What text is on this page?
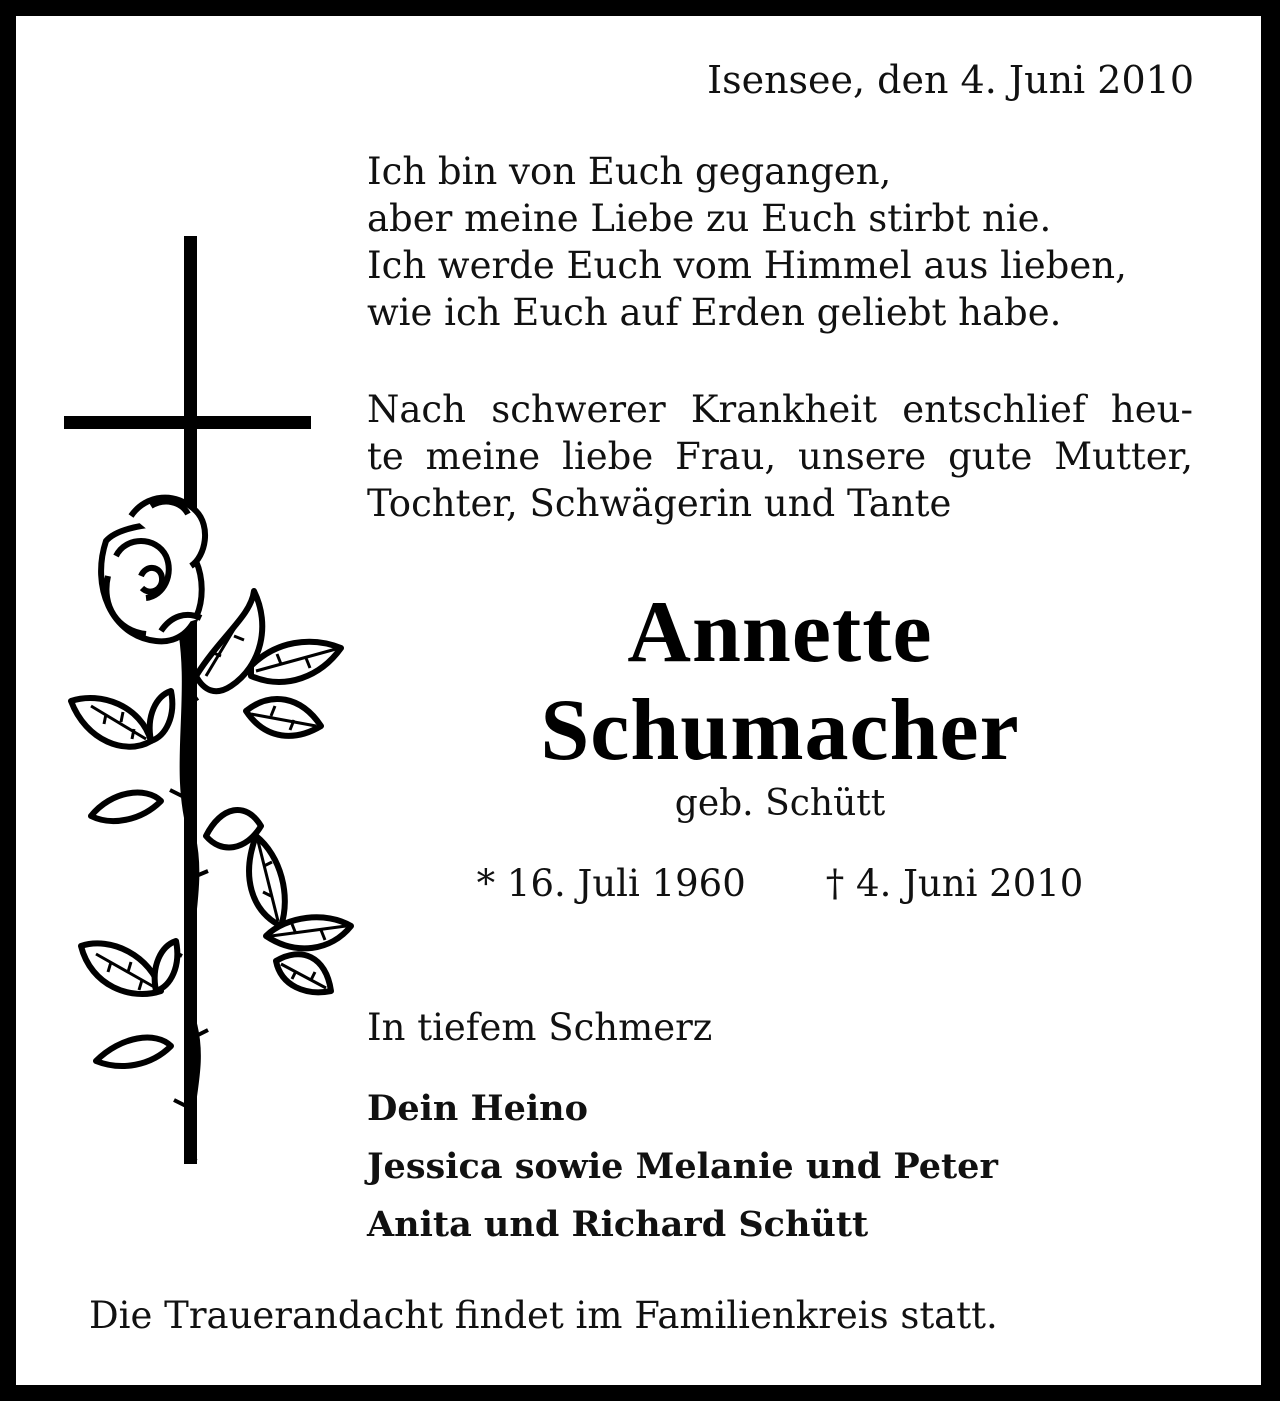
Isensee, den 4. Juni 2010
Ich bin von Euch gegangen,
aber meine Liebe zu Euch stirbt nie.
Ich werde Euch vom Himmel aus lieben,
wie ich Euch auf Erden geliebt habe.
Nach schwerer Krankheit entschlief heu-
te meine liebe Frau, unsere gute Mutter,
Tochter, Schwägerin und Tante
Annette
Schumacher
geb. Schütt
* 16. Juli 1960 † 4. Juni 2010
In tiefem Schmerz
Dein Heino
Jessica sowie Melanie und Peter
Anita und Richard Schütt
Die Trauerandacht findet im Familienkreis statt.
